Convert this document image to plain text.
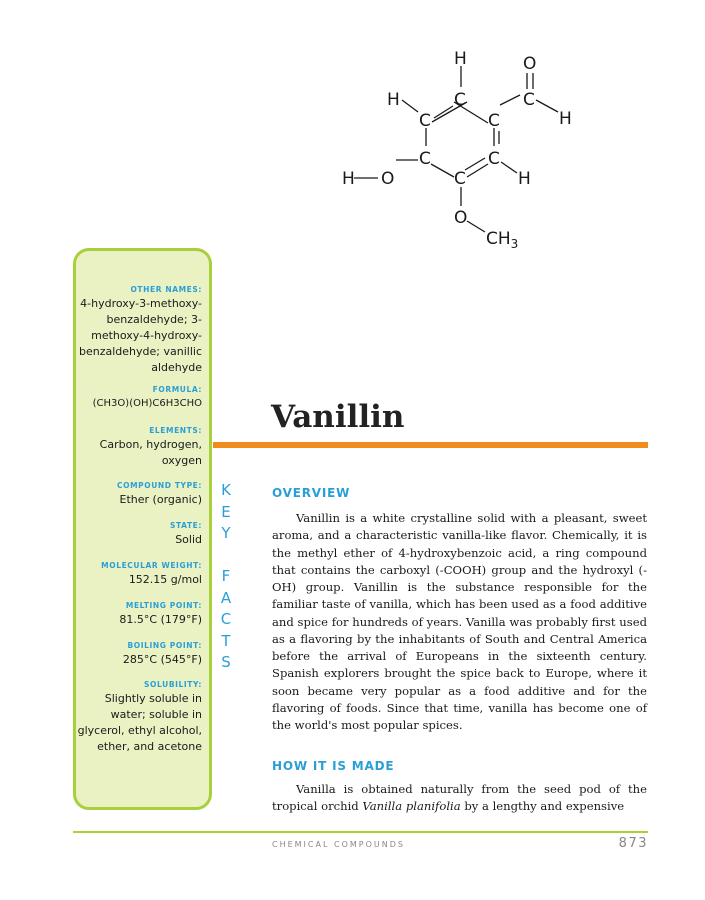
H	O
H	C	C
H
C	C
C	C
H O	C	H
O
$CH_3$
OTHER NAMES:
4-hydroxy-3-methoxy-benzaldehyde; 3-methoxy-4-hydroxy-benzaldehyde; vanillic aldehyde
FORMULA:
(CH3O)(OH)C6H3CHO
ELEMENTS:
Carbon, hydrogen, oxygen
COMPOUND TYPE:
Ether (organic)
STATE:
Solid
MOLECULAR WEIGHT:
152.15 g/mol
MELTING POINT:
81.5°C (179°F)
BOILING POINT:
285°C (545°F)
SOLUBILITY:
Slightly soluble in water; soluble in glycerol, ethyl alcohol, ether, and acetone
K
E
Y

F
A
C
T
S
Vanillin
OVERVIEW

Vanillin is a white crystalline solid with a pleasant, sweet aroma, and a characteristic vanilla-like flavor. Chemically, it is the methyl ether of 4-hydroxybenzoic acid, a ring compound that contains the carboxyl (-COOH) group and the hydroxyl (-OH) group. Vanillin is the substance responsible for the familiar taste of vanilla, which has been used as a food additive and spice for hundreds of years. Vanilla was probably first used as a flavoring by the inhabitants of South and Central America before the arrival of Europeans in the sixteenth century. Spanish explorers brought the spice back to Europe, where it soon became very popular as a food additive and for the flavoring of foods. Since that time, vanilla has become one of the world's most popular spices.

HOW IT IS MADE

Vanilla is obtained naturally from the seed pod of the tropical orchid Vanilla planifolia by a lengthy and expensive

CHEMICAL COMPOUNDS	873
